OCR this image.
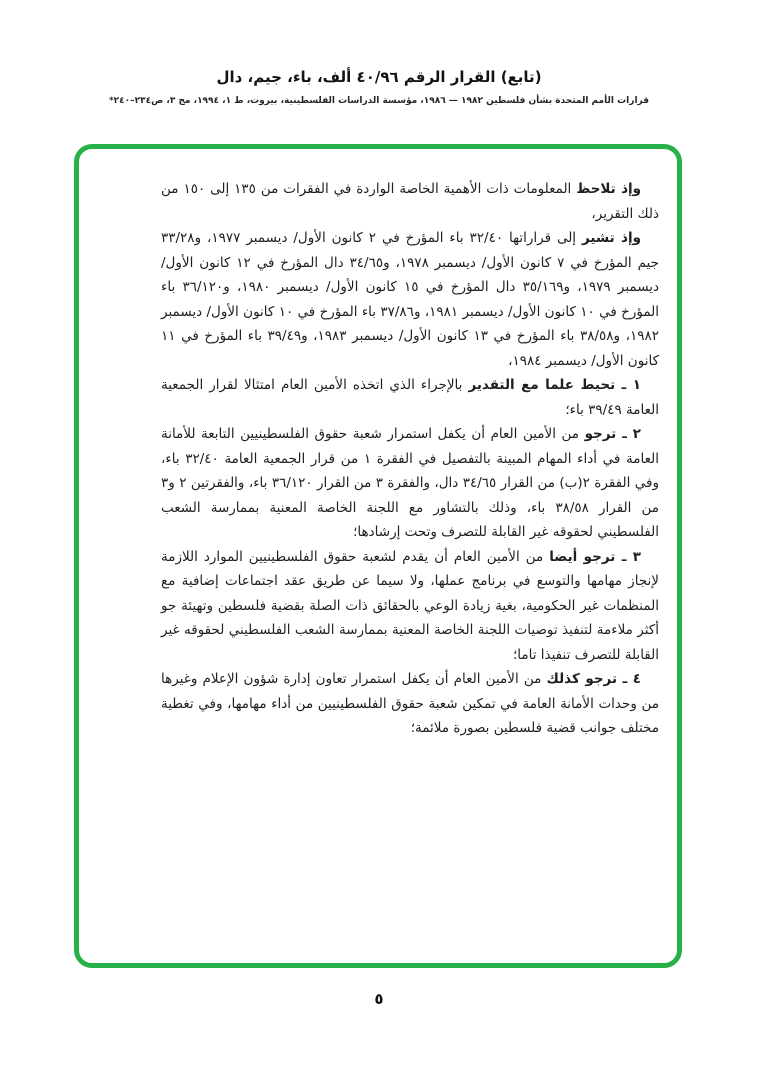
(تابع) القرار الرقم ٤٠/٩٦ ألف، باء، جيم، دال
قرارات الأمم المتحدة بشأن فلسطين ١٩٨٢ — ١٩٨٦، مؤسسة الدراسات الفلسطينية، بيروت، ط ١، ١٩٩٤، مج ٣، ص٢٣٤–٢٤٠*

وإذ تلاحظ المعلومات ذات الأهمية الخاصة الواردة في الفقرات من ١٣٥ إلى ١٥٠ من ذلك التقرير،

وإذ تشير إلى قراراتها ٣٢/٤٠ باء المؤرخ في ٢ كانون الأول/ ديسمبر ١٩٧٧، و٣٣/٢٨ جيم المؤرخ في ٧ كانون الأول/ ديسمبر ١٩٧٨، و٣٤/٦٥ دال المؤرخ في ١٢ كانون الأول/ ديسمبر ١٩٧٩، و٣٥/١٦٩ دال المؤرخ في ١٥ كانون الأول/ ديسمبر ١٩٨٠، و٣٦/١٢٠ باء المؤرخ في ١٠ كانون الأول/ ديسمبر ١٩٨١، و٣٧/٨٦ باء المؤرخ في ١٠ كانون الأول/ ديسمبر ١٩٨٢، و٣٨/٥٨ باء المؤرخ في ١٣ كانون الأول/ ديسمبر ١٩٨٣، و٣٩/٤٩ باء المؤرخ في ١١ كانون الأول/ ديسمبر ١٩٨٤،

١ ـ تحيط علما مع التقدير بالإجراء الذي اتخذه الأمين العام امتثالا لقرار الجمعية العامة ٣٩/٤٩ باء؛

٢ ـ ترجو من الأمين العام أن يكفل استمرار شعبة حقوق الفلسطينيين التابعة للأمانة العامة في أداء المهام المبينة بالتفصيل في الفقرة ١ من قرار الجمعية العامة ٣٢/٤٠ باء، وفي الفقرة ٢(ب) من القرار ٣٤/٦٥ دال، والفقرة ٣ من القرار ٣٦/١٢٠ باء، والفقرتين ٢ و٣ من القرار ٣٨/٥٨ باء، وذلك بالتشاور مع اللجنة الخاصة المعنية بممارسة الشعب الفلسطيني لحقوقه غير القابلة للتصرف وتحت إرشادها؛

٣ ـ ترجو أيضا من الأمين العام أن يقدم لشعبة حقوق الفلسطينيين الموارد اللازمة لإنجاز مهامها والتوسع في برنامج عملها، ولا سيما عن طريق عقد اجتماعات إضافية مع المنظمات غير الحكومية، بغية زيادة الوعي بالحقائق ذات الصلة بقضية فلسطين وتهيئة جو أكثر ملاءمة لتنفيذ توصيات اللجنة الخاصة المعنية بممارسة الشعب الفلسطيني لحقوقه غير القابلة للتصرف تنفيذا تاما؛

٤ ـ ترجو كذلك من الأمين العام أن يكفل استمرار تعاون إدارة شؤون الإعلام وغيرها من وحدات الأمانة العامة في تمكين شعبة حقوق الفلسطينيين من أداء مهامها، وفي تغطية مختلف جوانب قضية فلسطين بصورة ملائمة؛

٥
